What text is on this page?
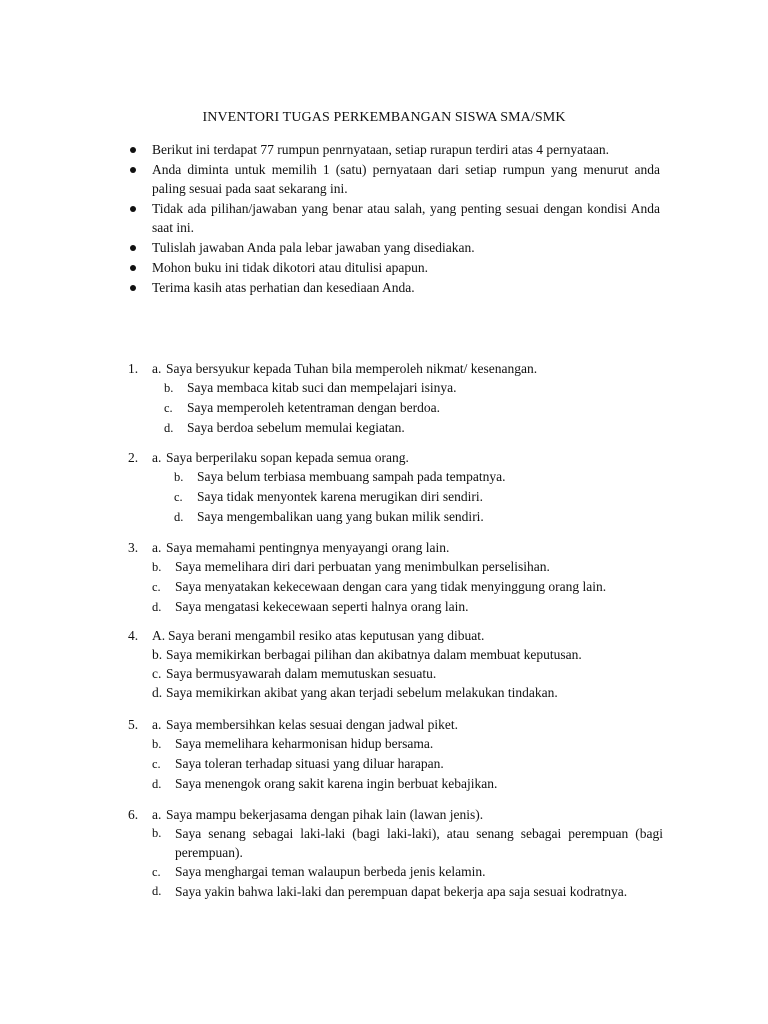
INVENTORI TUGAS PERKEMBANGAN SISWA SMA/SMK
Berikut ini terdapat 77 rumpun penrnyataan, setiap rurapun terdiri atas 4 pernyataan.
Anda diminta untuk memilih 1 (satu) pernyataan dari setiap rumpun yang menurut anda paling sesuai pada saat sekarang ini.
Tidak ada pilihan/jawaban yang benar atau salah, yang penting sesuai dengan kondisi Anda saat ini.
Tulislah jawaban Anda pala lebar jawaban yang disediakan.
Mohon buku ini tidak dikotori atau ditulisi apapun.
Terima kasih atas perhatian dan kesediaan Anda.
1.	a. Saya bersyukur kepada Tuhan bila memperoleh nikmat/ kesenangan.
b. Saya membaca kitab suci dan mempelajari isinya.
c. Saya memperoleh ketentraman dengan berdoa.
d. Saya berdoa sebelum memulai kegiatan.
2.	a. Saya berperilaku sopan kepada semua orang.
b. Saya belum terbiasa membuang sampah pada tempatnya.
c. Saya tidak menyontek karena merugikan diri sendiri.
d. Saya mengembalikan uang yang bukan milik sendiri.
3.	a. Saya memahami pentingnya menyayangi orang lain.
b. Saya memelihara diri dari perbuatan yang menimbulkan perselisihan.
c. Saya menyatakan kekecewaan dengan cara yang tidak menyinggung orang lain.
d. Saya mengatasi kekecewaan seperti halnya orang lain.
4.	A. Saya berani mengambil resiko atas keputusan yang dibuat.
b. Saya memikirkan berbagai pilihan dan akibatnya dalam membuat keputusan.
c. Saya bermusyawarah dalam memutuskan sesuatu.
d. Saya memikirkan akibat yang akan terjadi sebelum melakukan tindakan.
5.	a. Saya membersihkan kelas sesuai dengan jadwal piket.
b. Saya memelihara keharmonisan hidup bersama.
c. Saya toleran terhadap situasi yang diluar harapan.
d. Saya menengok orang sakit karena ingin berbuat kebajikan.
6.	a. Saya mampu bekerjasama dengan pihak lain (lawan jenis).
b. Saya senang sebagai laki-laki (bagi laki-laki), atau senang sebagai perempuan (bagi perempuan).
c. Saya menghargai teman walaupun berbeda jenis kelamin.
d. Saya yakin bahwa laki-laki dan perempuan dapat bekerja apa saja sesuai kodratnya.
